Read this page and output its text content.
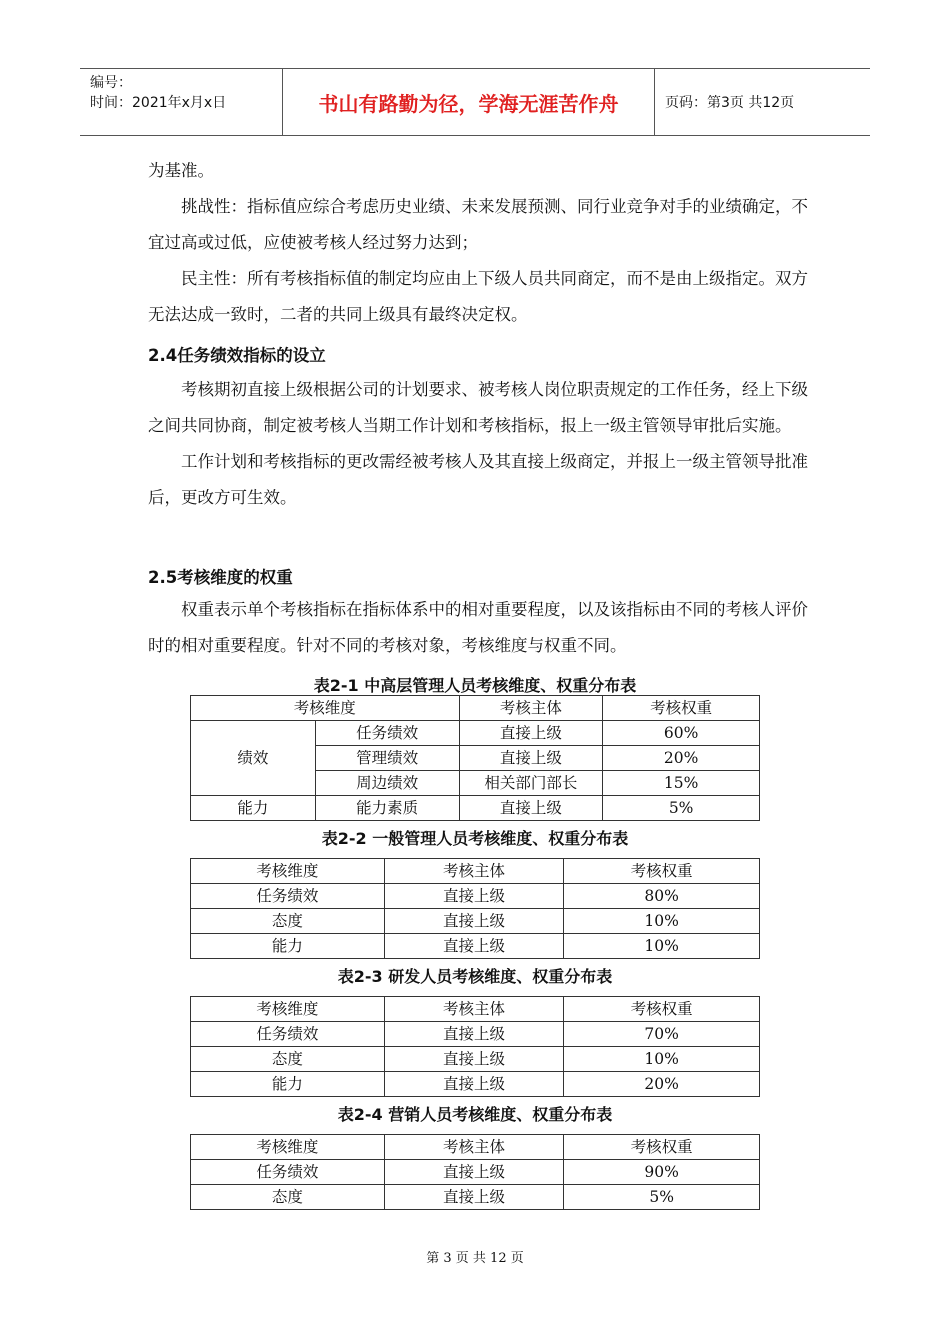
编号：
时间：2021年x月x日	书山有路勤为径，学海无涯苦作舟	页码：第3页 共12页

为基准。

挑战性：指标值应综合考虑历史业绩、未来发展预测、同行业竞争对手的业绩确定，不宜过高或过低，应使被考核人经过努力达到；

民主性：所有考核指标值的制定均应由上下级人员共同商定，而不是由上级指定。双方无法达成一致时，二者的共同上级具有最终决定权。

2.4任务绩效指标的设立

考核期初直接上级根据公司的计划要求、被考核人岗位职责规定的工作任务，经上下级之间共同协商，制定被考核人当期工作计划和考核指标，报上一级主管领导审批后实施。

工作计划和考核指标的更改需经被考核人及其直接上级商定，并报上一级主管领导批准后，更改方可生效。

2.5考核维度的权重

权重表示单个考核指标在指标体系中的相对重要程度，以及该指标由不同的考核人评价时的相对重要程度。针对不同的考核对象，考核维度与权重不同。

表2-1 中高层管理人员考核维度、权重分布表
考核维度		考核主体	考核权重
绩效	任务绩效	直接上级	60%
	管理绩效	直接上级	20%
	周边绩效	相关部门部长	15%
能力	能力素质	直接上级	5%
表2-2 一般管理人员考核维度、权重分布表
考核维度	考核主体	考核权重
任务绩效	直接上级	80%
态度	直接上级	10%
能力	直接上级	10%
表2-3 研发人员考核维度、权重分布表
考核维度	考核主体	考核权重
任务绩效	直接上级	70%
态度	直接上级	10%
能力	直接上级	20%
表2-4 营销人员考核维度、权重分布表
考核维度	考核主体	考核权重
任务绩效	直接上级	90%
态度	直接上级	5%
第 3 页 共 12 页
